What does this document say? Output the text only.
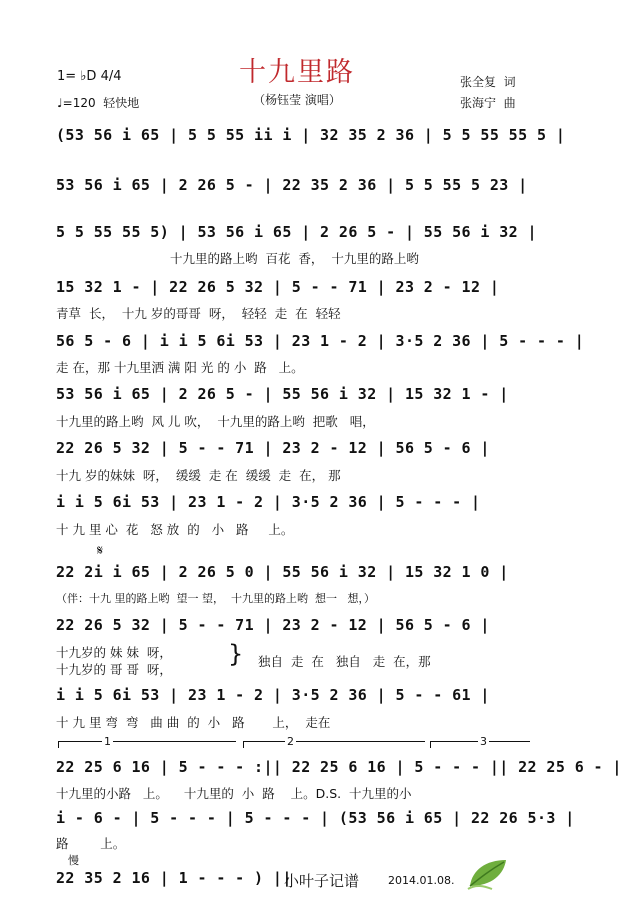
十九里路
（杨钰莹 演唱）
1= ♭D 4/4
♩=120  轻快地
张全复  词
张海宁  曲
(53 56 i 65 | 5 5 55 ii i | 32 35 2 36 | 5 5 55 55 5 |
53 56 i 65 | 2 26 5 - | 22 35 2 36 | 5 5 55 5 23 |
5 5 55 55 5) | 53 56 i 65 | 2 26 5 - | 55 56 i 32 |
十九里的路上哟  百花  香，  十九里的路上哟
15 32 1 - | 22 26 5 32 | 5 - - 71 | 23 2 - 12 |
青草  长，  十九 岁的哥哥  呀，  轻轻  走  在  轻轻
56 5 - 6 | i i 5 6i 53 | 23 1 - 2 | 3·5 2 36 | 5 - - - |
走 在，那 十九里洒 满 阳 光 的 小  路   上。
53 56 i 65 | 2 26 5 - | 55 56 i 32 | 15 32 1 - |
十九里的路上哟  风 儿 吹，  十九里的路上哟  把歌   唱，
22 26 5 32 | 5 - - 71 | 23 2 - 12 | 56 5 - 6 |
十九 岁的妹妹  呀，  缓缓  走 在  缓缓  走  在， 那
i i 5 6i 53 | 23 1 - 2 | 3·5 2 36 | 5 - - - |
十 九 里 心  花   怒 放  的   小   路     上。
𝄋
22 2i i 65 | 2 26 5 0 | 55 56 i 32 | 15 32 1 0 |
（伴：十九 里的路上哟  望一 望，  十九里的路上哟  想一   想，）
22 26 5 32 | 5 - - 71 | 23 2 - 12 | 56 5 - 6 |
十九岁的 妹 妹  呀，
十九岁的 哥 哥  呀，
} 独自  走  在   独自   走  在，那
i i 5 6i 53 | 23 1 - 2 | 3·5 2 36 | 5 - - 61 |
十 九 里 弯  弯   曲 曲  的  小   路       上，  走在
1	2	3
22 25 6 16 | 5 - - - :|| 22 25 6 16 | 5 - - - || 22 25 6 - |
十九里的小路   上。    十九里的  小  路    上。D.S.  十九里的小
i - 6 - | 5 - - - | 5 - - - | (53 56 i 65 | 22 26 5·3 |
路        上。
慢
22 35 2 16 | 1 - - - ) ||
小叶子记谱	2014.01.08.
